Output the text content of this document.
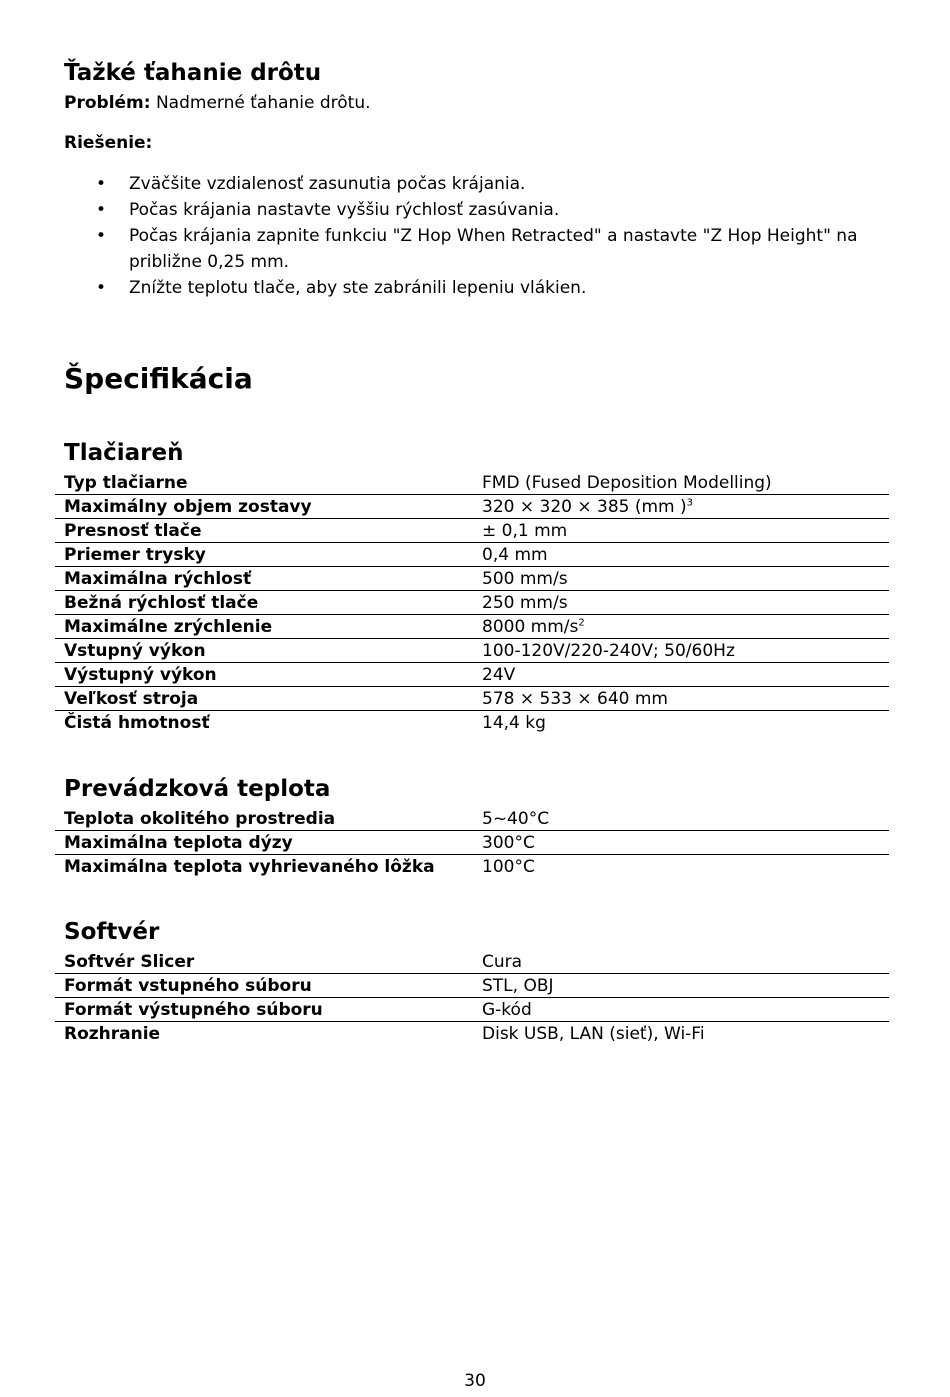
Ťažké ťahanie drôtu
Problém: Nadmerné ťahanie drôtu.
Riešenie:
• Zväčšite vzdialenosť zasunutia počas krájania.
• Počas krájania nastavte vyššiu rýchlosť zasúvania.
• Počas krájania zapnite funkciu "Z Hop When Retracted" a nastavte "Z Hop Height" na približne 0,25 mm.
• Znížte teplotu tlače, aby ste zabránili lepeniu vlákien.
Špecifikácia
Tlačiareň
Typ tlačiarne	FMD (Fused Deposition Modelling)
Maximálny objem zostavy	320 × 320 × 385 (mm )$^3$
Presnosť tlače	± 0,1 mm
Priemer trysky	0,4 mm
Maximálna rýchlosť	500 mm/s
Bežná rýchlosť tlače	250 mm/s
Maximálne zrýchlenie	8000 $mm/s^2$
Vstupný výkon	100-120V/220-240V; 50/60Hz
Výstupný výkon	24V
Veľkosť stroja	578 × 533 × 640 mm
Čistá hmotnosť	14,4 kg
Prevádzková teplota
Teplota okolitého prostredia	5~40°C
Maximálna teplota dýzy	300°C
Maximálna teplota vyhrievaného lôžka	100°C
Softvér
Softvér Slicer	Cura
Formát vstupného súboru	STL, OBJ
Formát výstupného súboru	G-kód
Rozhranie	Disk USB, LAN (sieť), Wi-Fi
30
